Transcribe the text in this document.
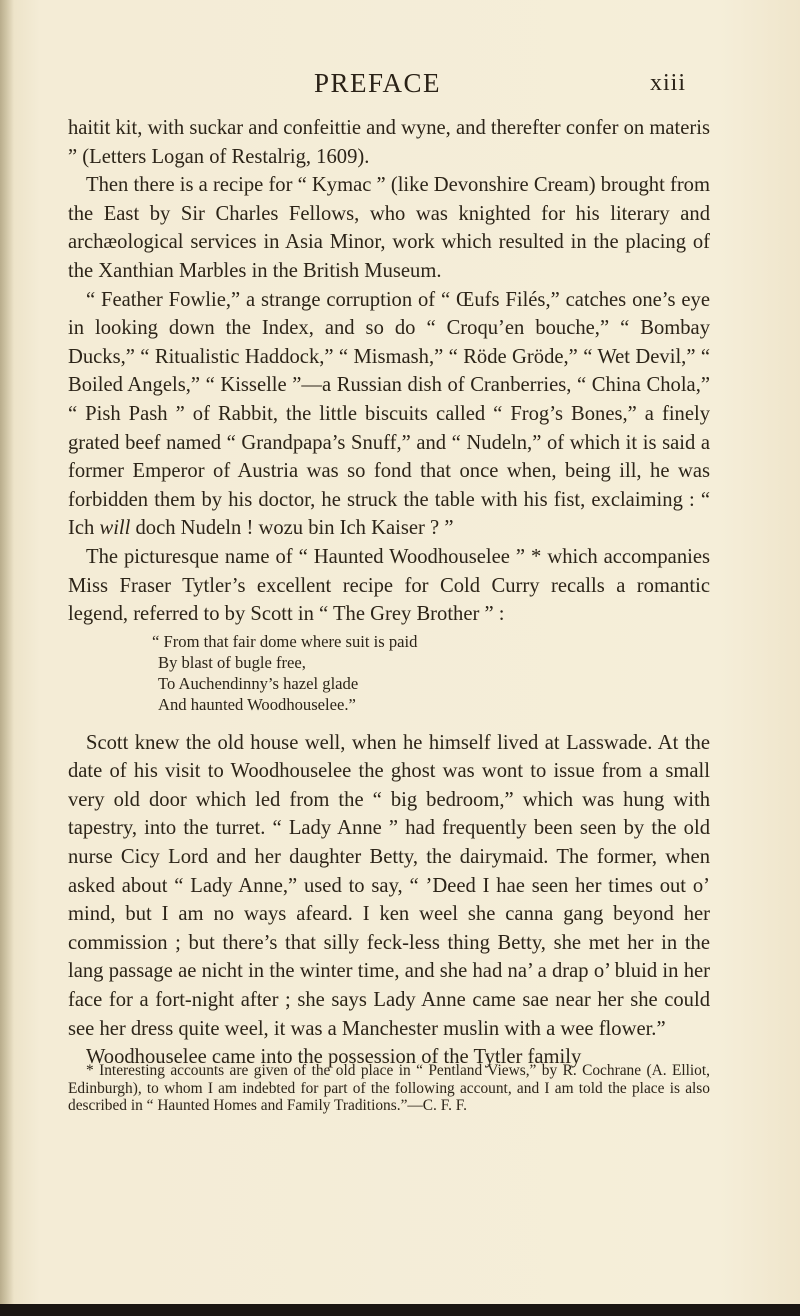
PREFACE	xiii

haitit kit, with suckar and confeittie and wyne, and therefter confer on materis ” (Letters Logan of Restalrig, 1609).

Then there is a recipe for “ Kymac ” (like Devonshire Cream) brought from the East by Sir Charles Fellows, who was knighted for his literary and archæological services in Asia Minor, work which resulted in the placing of the Xanthian Marbles in the British Museum.

“ Feather Fowlie,” a strange corruption of “ Œufs Filés,” catches one’s eye in looking down the Index, and so do “ Croqu’en bouche,” “ Bombay Ducks,” “ Ritualistic Haddock,” “ Mismash,” “ Röde Gröde,” “ Wet Devil,” “ Boiled Angels,” “ Kisselle ”—a Russian dish of Cranberries, “ China Chola,” “ Pish Pash ” of Rabbit, the little biscuits called “ Frog’s Bones,” a finely grated beef named “ Grandpapa’s Snuff,” and “ Nudeln,” of which it is said a former Emperor of Austria was so fond that once when, being ill, he was forbidden them by his doctor, he struck the table with his fist, exclaiming : “ Ich will doch Nudeln ! wozu bin Ich Kaiser ? ”

The picturesque name of “ Haunted Woodhouselee ” * which accompanies Miss Fraser Tytler’s excellent recipe for Cold Curry recalls a romantic legend, referred to by Scott in “ The Grey Brother ” :

“ From that fair dome where suit is paid
By blast of bugle free,
To Auchendinny’s hazel glade
And haunted Woodhouselee.”

Scott knew the old house well, when he himself lived at Lasswade. At the date of his visit to Woodhouselee the ghost was wont to issue from a small very old door which led from the “ big bedroom,” which was hung with tapestry, into the turret. “ Lady Anne ” had frequently been seen by the old nurse Cicy Lord and her daughter Betty, the dairymaid. The former, when asked about “ Lady Anne,” used to say, “ ’Deed I hae seen her times out o’ mind, but I am no ways afeard. I ken weel she canna gang beyond her commission ; but there’s that silly feck-less thing Betty, she met her in the lang passage ae nicht in the winter time, and she had na’ a drap o’ bluid in her face for a fort-night after ; she says Lady Anne came sae near her she could see her dress quite weel, it was a Manchester muslin with a wee flower.”

Woodhouselee came into the possession of the Tytler family

* Interesting accounts are given of the old place in “ Pentland Views,” by R. Cochrane (A. Elliot, Edinburgh), to whom I am indebted for part of the following account, and I am told the place is also described in “ Haunted Homes and Family Traditions.”—C. F. F.
